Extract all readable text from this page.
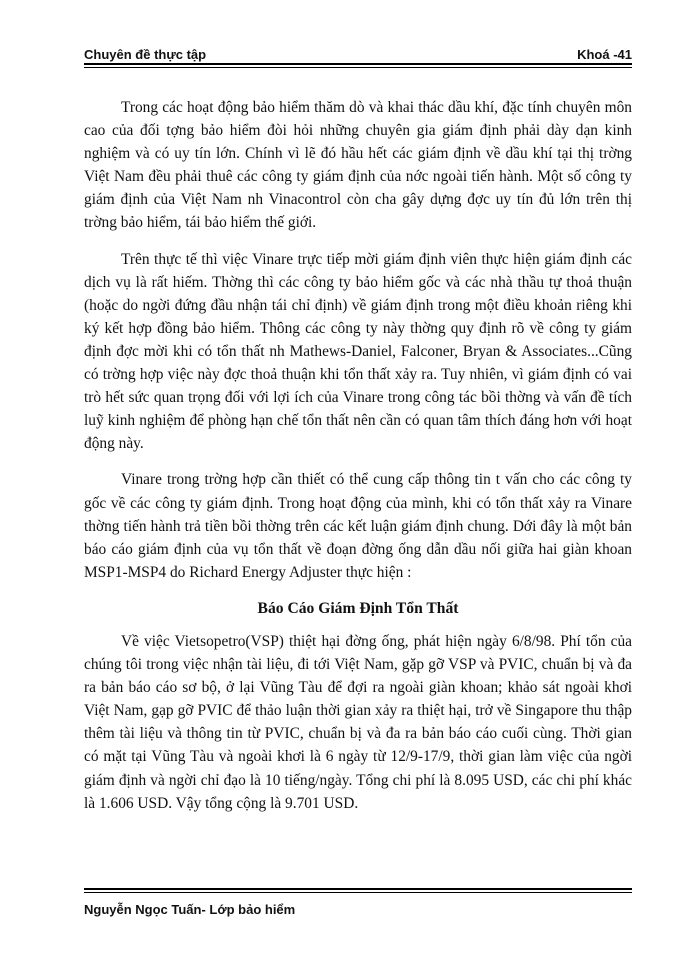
Chuyên đề thực tập	Khoá -41

Trong các hoạt động bảo hiểm thăm dò và khai thác dầu khí, đặc tính chuyên môn cao của đối tợng bảo hiểm đòi hỏi những chuyên gia giám định phải dày dạn kinh nghiệm và có uy tín lớn. Chính vì lẽ đó hầu hết các giám định về dầu khí tại thị trờng Việt Nam đều phải thuê các công ty giám định của nớc ngoài tiến hành. Một số công ty giám định của Việt Nam nh Vinacontrol còn cha gây dựng đợc uy tín đủ lớn trên thị trờng bảo hiểm, tái bảo hiểm thế giới.

Trên thực tế thì việc Vinare trực tiếp mời giám định viên thực hiện giám định các dịch vụ là rất hiếm. Thờng thì các công ty bảo hiểm gốc và các nhà thầu tự thoả thuận (hoặc do ngời đứng đầu nhận tái chỉ định) về giám định trong một điều khoản riêng khi ký kết hợp đồng bảo hiểm. Thông các công ty này thờng quy định rõ về công ty giám định đợc mời khi có tổn thất nh Mathews-Daniel, Falconer, Bryan & Associates...Cũng có trờng hợp việc này đợc thoả thuận khi tổn thất xảy ra. Tuy nhiên, vì giám định có vai trò hết sức quan trọng đối với lợi ích của Vinare trong công tác bồi thờng và vấn đề tích luỹ kinh nghiệm để phòng hạn chế tổn thất nên cần có quan tâm thích đáng hơn với hoạt động này.

Vinare trong trờng hợp cần thiết có thể cung cấp thông tin t vấn cho các công ty gốc về các công ty giám định. Trong hoạt động của mình, khi có tổn thất xảy ra Vinare thờng tiến hành trả tiền bồi thờng trên các kết luận giám định chung. Dới đây là một bản báo cáo giám định của vụ tổn thất về đoạn đờng ống dẫn dầu nối giữa hai giàn khoan MSP1-MSP4 do Richard Energy Adjuster thực hiện :

Báo Cáo Giám Định Tổn Thất

Về việc Vietsopetro(VSP) thiệt hại đờng ống, phát hiện ngày 6/8/98. Phí tổn của chúng tôi trong việc nhận tài liệu, đi tới Việt Nam, gặp gỡ VSP và PVIC, chuẩn bị và đa ra bản báo cáo sơ bộ, ở lại Vũng Tàu để đợi ra ngoài giàn khoan; khảo sát ngoài khơi Việt Nam, gạp gỡ PVIC để thảo luận thời gian xảy ra thiệt hại, trở về Singapore thu thập thêm tài liệu và thông tin từ PVIC, chuẩn bị và đa ra bản báo cáo cuối cùng. Thời gian có mặt tại Vũng Tàu và ngoài khơi là 6 ngày từ 12/9-17/9, thời gian làm việc của ngời giám định và ngời chỉ đạo là 10 tiếng/ngày. Tổng chi phí là 8.095 USD, các chi phí khác là 1.606 USD. Vậy tổng cộng là 9.701 USD.

Nguyễn Ngọc Tuấn- Lớp bảo hiểm
